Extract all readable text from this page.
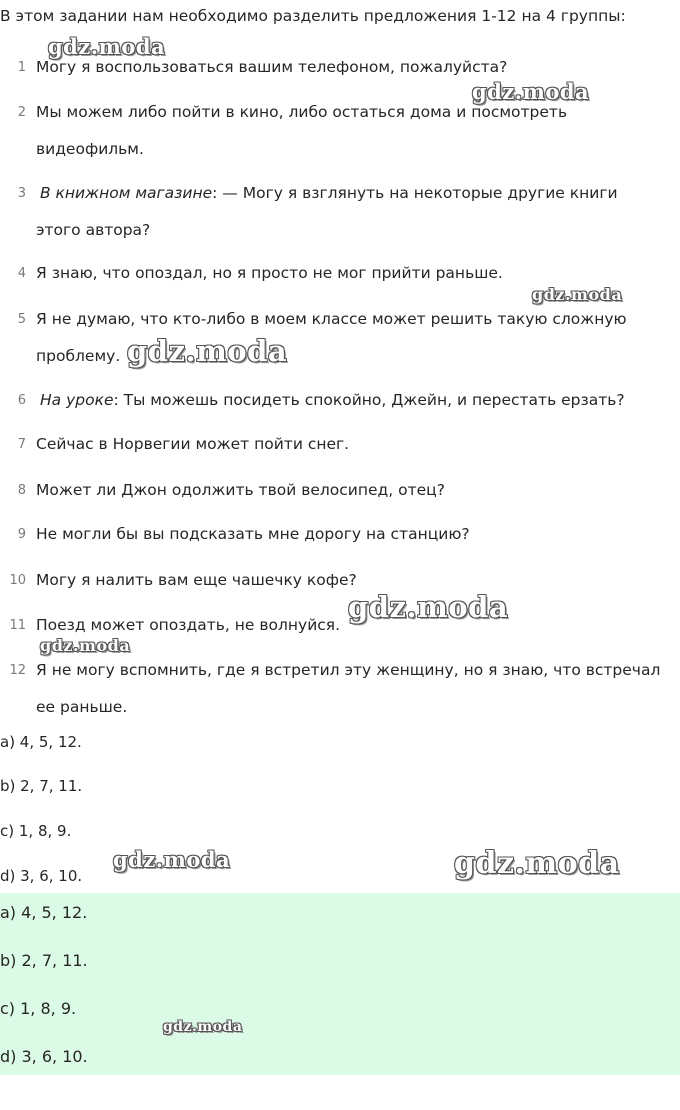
В этом задании нам необходимо разделить предложения 1-12 на 4 группы:
1 Могу я воспользоваться вашим телефоном, пожалуйста?
2 Мы можем либо пойти в кино, либо остаться дома и посмотреть
видеофильм.
3 В книжном магазине: — Могу я взглянуть на некоторые другие книги
этого автора?
4 Я знаю, что опоздал, но я просто не мог прийти раньше.
5 Я не думаю, что кто-либо в моем классе может решить такую сложную
проблему.
6 На уроке: Ты можешь посидеть спокойно, Джейн, и перестать ерзать?
7 Сейчас в Норвегии может пойти снег.
8 Может ли Джон одолжить твой велосипед, отец?
9 Не могли бы вы подсказать мне дорогу на станцию?
10 Могу я налить вам еще чашечку кофе?
11 Поезд может опоздать, не волнуйся.
12 Я не могу вспомнить, где я встретил эту женщину, но я знаю, что встречал
ее раньше.
a) 4, 5, 12.
b) 2, 7, 11.
c) 1, 8, 9.
d) 3, 6, 10.
a) 4, 5, 12.
b) 2, 7, 11.
c) 1, 8, 9.
d) 3, 6, 10.
gdz.moda
gdz.moda
gdz.moda
gdz.moda
gdz.moda
gdz.moda
gdz.moda	gdz.moda
gdz.moda
